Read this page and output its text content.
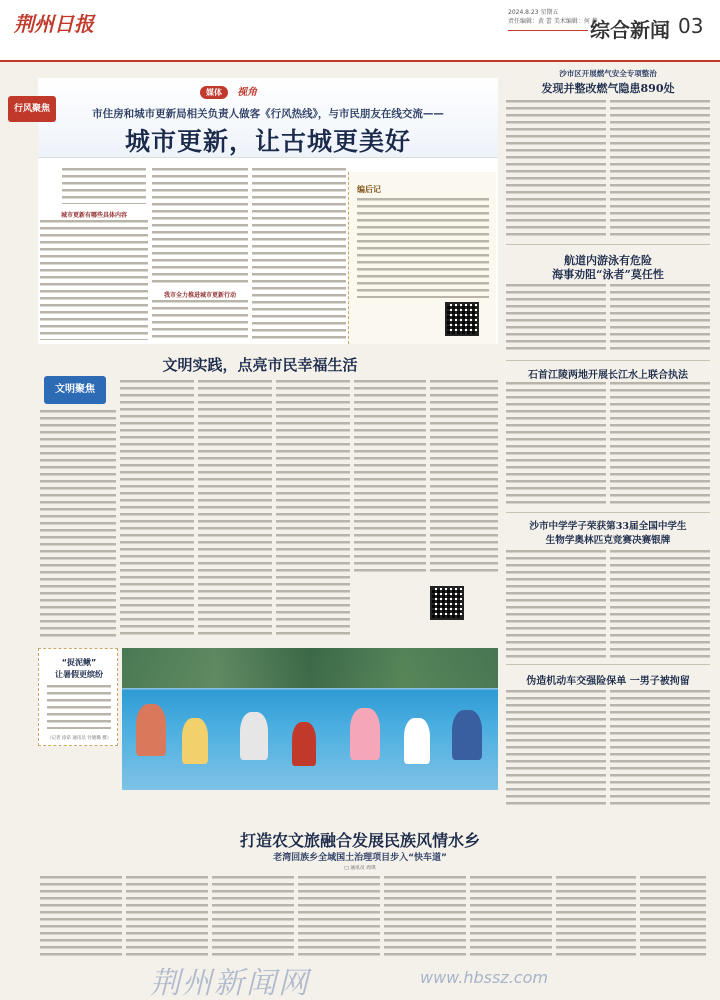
荆州日报	2024.8.23 星期五
责任编辑：黄 蕾 美术编辑：何 静
综合新闻 03
媒体 视角
市住房和城市更新局相关负责人做客《行风热线》，与市民朋友在线交流——
城市更新，让古城更美好
行风聚焦
城市更新有哪些具体内容
我市全力推进城市更新行动
编后记
文明实践，点亮市民幸福生活
文明聚焦
“捉泥鳅”
让暑假更缤纷
（记者 徐昂 通讯员 付晓璐 摄）
打造农文旅融合发展民族风情水乡
老湾回族乡全域国土治理项目步入“快车道”
□ 通讯员 周琪
沙市区开展燃气安全专项整治
发现并整改燃气隐患890处
航道内游泳有危险
海事劝阻“泳者”莫任性
石首江陵两地开展长江水上联合执法
沙市中学学子荣获第33届全国中学生
生物学奥林匹克竞赛决赛银牌
伪造机动车交强险保单 一男子被拘留
荆州新闻网	www.hbssz.com
